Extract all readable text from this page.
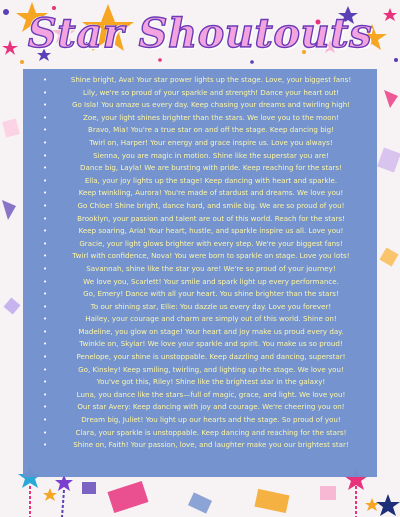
Star Shoutouts
•	Shine bright, Ava! Your star power lights up the stage. Love, your biggest fans!
•	Lily, we're so proud of your sparkle and strength! Dance your heart out!
•	Go Isla! You amaze us every day. Keep chasing your dreams and twirling high!
•	Zoe, your light shines brighter than the stars. We love you to the moon!
•	Bravo, Mia! You're a true star on and off the stage. Keep dancing big!
•	Twirl on, Harper! Your energy and grace inspire us. Love you always!
•	Sienna, you are magic in motion. Shine like the superstar you are!
•	Dance big, Layla! We are bursting with pride. Keep reaching for the stars!
•	Ella, your joy lights up the stage! Keep dancing with heart and sparkle.
•	Keep twinkling, Aurora! You're made of stardust and dreams. We love you!
•	Go Chloe! Shine bright, dance hard, and smile big. We are so proud of you!
•	Brooklyn, your passion and talent are out of this world. Reach for the stars!
•	Keep soaring, Aria! Your heart, hustle, and sparkle inspire us all. Love you!
•	Gracie, your light glows brighter with every step. We're your biggest fans!
•	Twirl with confidence, Nova! You were born to sparkle on stage. Love you lots!
•	Savannah, shine like the star you are! We're so proud of your journey!
•	We love you, Scarlett! Your smile and spark light up every performance.
•	Go, Emery! Dance with all your heart. You shine brighter than the stars!
•	To our shining star, Ellie: You dazzle us every day. Love you forever!
•	Hailey, your courage and charm are simply out of this world. Shine on!
•	Madeline, you glow on stage! Your heart and joy make us proud every day.
•	Twinkle on, Skylar! We love your sparkle and spirit. You make us so proud!
•	Penelope, your shine is unstoppable. Keep dazzling and dancing, superstar!
•	Go, Kinsley! Keep smiling, twirling, and lighting up the stage. We love you!
•	You've got this, Riley! Shine like the brightest star in the galaxy!
•	Luna, you dance like the stars—full of magic, grace, and light. We love you!
•	Our star Avery: Keep dancing with joy and courage. We're cheering you on!
•	Dream big, Juliet! You light up our hearts and the stage. So proud of you!
•	Clara, your sparkle is unstoppable. Keep dancing and reaching for the stars!
•	Shine on, Faith! Your passion, love, and laughter make you our brightest star!
